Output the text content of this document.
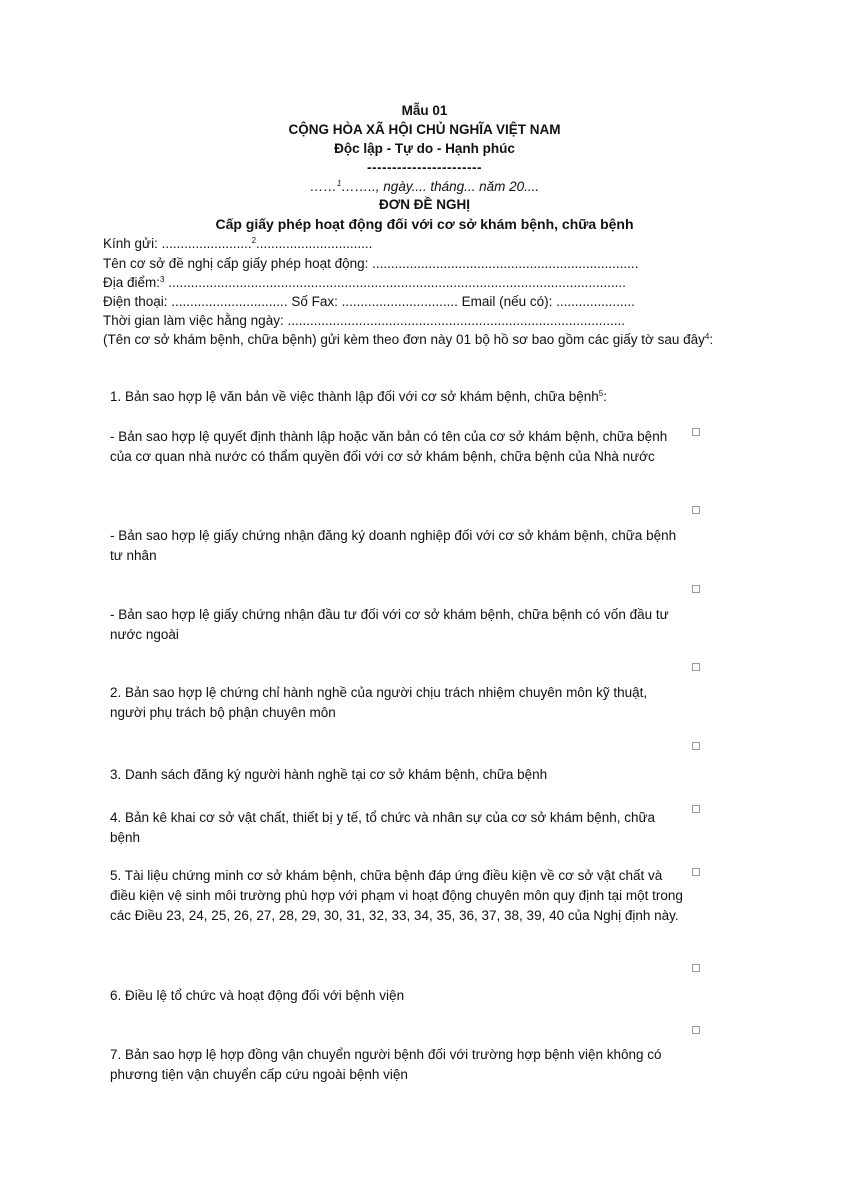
Mẫu 01
CỘNG HÒA XÃ HỘI CHỦ NGHĨA VIỆT NAM
Độc lập - Tự do - Hạnh phúc
-----------------------
……$^1$…….., ngày.... tháng... năm 20....
ĐƠN ĐỀ NGHỊ
Cấp giấy phép hoạt động đối với cơ sở khám bệnh, chữa bệnh
Kính gửi: ........................$^2$...............................
Tên cơ sở đề nghị cấp giấy phép hoạt động: .......................................................................
Địa điểm:$^3$ ..........................................................................................................................
Điện thoại: ............................... Số Fax: ............................... Email (nếu có): .....................
Thời gian làm việc hằng ngày: ..........................................................................................
(Tên cơ sở khám bệnh, chữa bệnh) gửi kèm theo đơn này 01 bộ hồ sơ bao gồm các giấy tờ sau đây$^4$:
1. Bản sao hợp lệ văn bản về việc thành lập đối với cơ sở khám bệnh, chữa bệnh$^5$:
- Bản sao hợp lệ quyết định thành lập hoặc văn bản có tên của cơ sở khám bệnh, chữa bệnh của cơ quan nhà nước có thẩm quyền đối với cơ sở khám bệnh, chữa bệnh của Nhà nước
- Bản sao hợp lệ giấy chứng nhận đăng ký doanh nghiệp đối với cơ sở khám bệnh, chữa bệnh tư nhân
- Bản sao hợp lệ giấy chứng nhận đầu tư đối với cơ sở khám bệnh, chữa bệnh có vốn đầu tư nước ngoài
2. Bản sao hợp lệ chứng chỉ hành nghề của người chịu trách nhiệm chuyên môn kỹ thuật, người phụ trách bộ phận chuyên môn
3. Danh sách đăng ký người hành nghề tại cơ sở khám bệnh, chữa bệnh
4. Bản kê khai cơ sở vật chất, thiết bị y tế, tổ chức và nhân sự của cơ sở khám bệnh, chữa bệnh
5. Tài liệu chứng minh cơ sở khám bệnh, chữa bệnh đáp ứng điều kiện về cơ sở vật chất và điều kiện vệ sinh môi trường phù hợp với phạm vi hoạt động chuyên môn quy định tại một trong các Điều 23, 24, 25, 26, 27, 28, 29, 30, 31, 32, 33, 34, 35, 36, 37, 38, 39, 40 của Nghị định này.
6. Điều lệ tổ chức và hoạt động đối với bệnh viện
7. Bản sao hợp lệ hợp đồng vận chuyển người bệnh đối với trường hợp bệnh viện không có phương tiện vận chuyển cấp cứu ngoài bệnh viện
